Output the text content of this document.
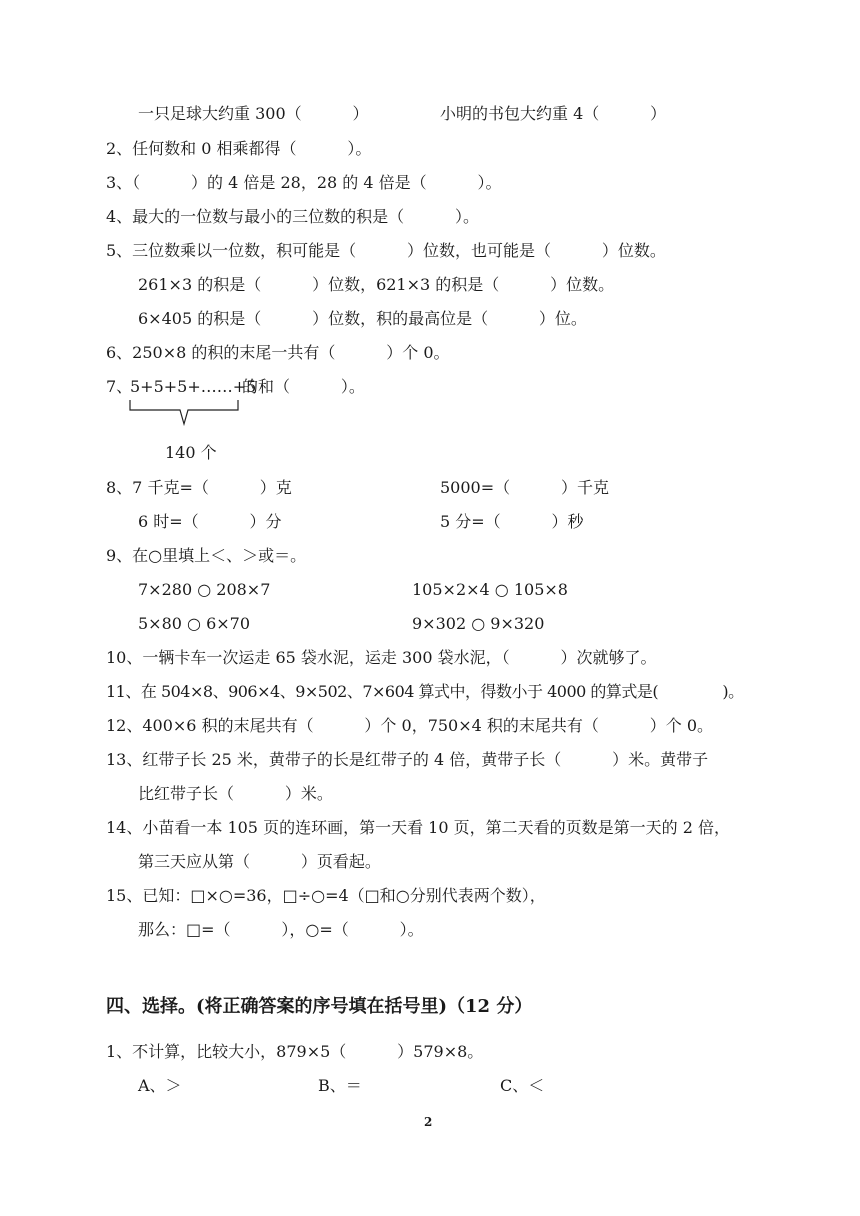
一只足球大约重 300（          ）	小明的书包大约重 4（          ）
2、任何数和 0 相乘都得（          ）。
3、（          ）的 4 倍是 28，28 的 4 倍是（          ）。
4、最大的一位数与最小的三位数的积是（          ）。
5、三位数乘以一位数，积可能是（          ）位数，也可能是（          ）位数。
261×3 的积是（          ）位数，621×3 的积是（          ）位数。
6×405 的积是（          ）位数，积的最高位是（          ）位。
6、250×8 的积的末尾一共有（          ）个 0。
7、
5+5+5+……+5
的和（          ）。
140 个
8、7 千克=（          ）克	5000=（          ）千克
6 时=（          ）分	5 分=（          ）秒
9、在○里填上＜、＞或＝。
7×280 ○ 208×7	105×2×4 ○ 105×8
5×80 ○ 6×70	9×302 ○ 9×320
10、一辆卡车一次运走 65 袋水泥，运走 300 袋水泥，（          ）次就够了。
11、在 504×8、906×4、9×502、7×604 算式中，得数小于 4000 的算式是(              )。
12、400×6 积的末尾共有（          ）个 0，750×4 积的末尾共有（          ）个 0。
13、红带子长 25 米，黄带子的长是红带子的 4 倍，黄带子长（          ）米。黄带子
比红带子长（          ）米。
14、小苗看一本 105 页的连环画，第一天看 10 页，第二天看的页数是第一天的 2 倍，
第三天应从第（          ）页看起。
15、已知：□×○=36，□÷○=4（□和○分别代表两个数），
那么：□=（          ），○=（          ）。
四、选择。(将正确答案的序号填在括号里)（12 分）
1、不计算，比较大小，879×5（          ）579×8。
A、＞	B、＝	C、＜
2
